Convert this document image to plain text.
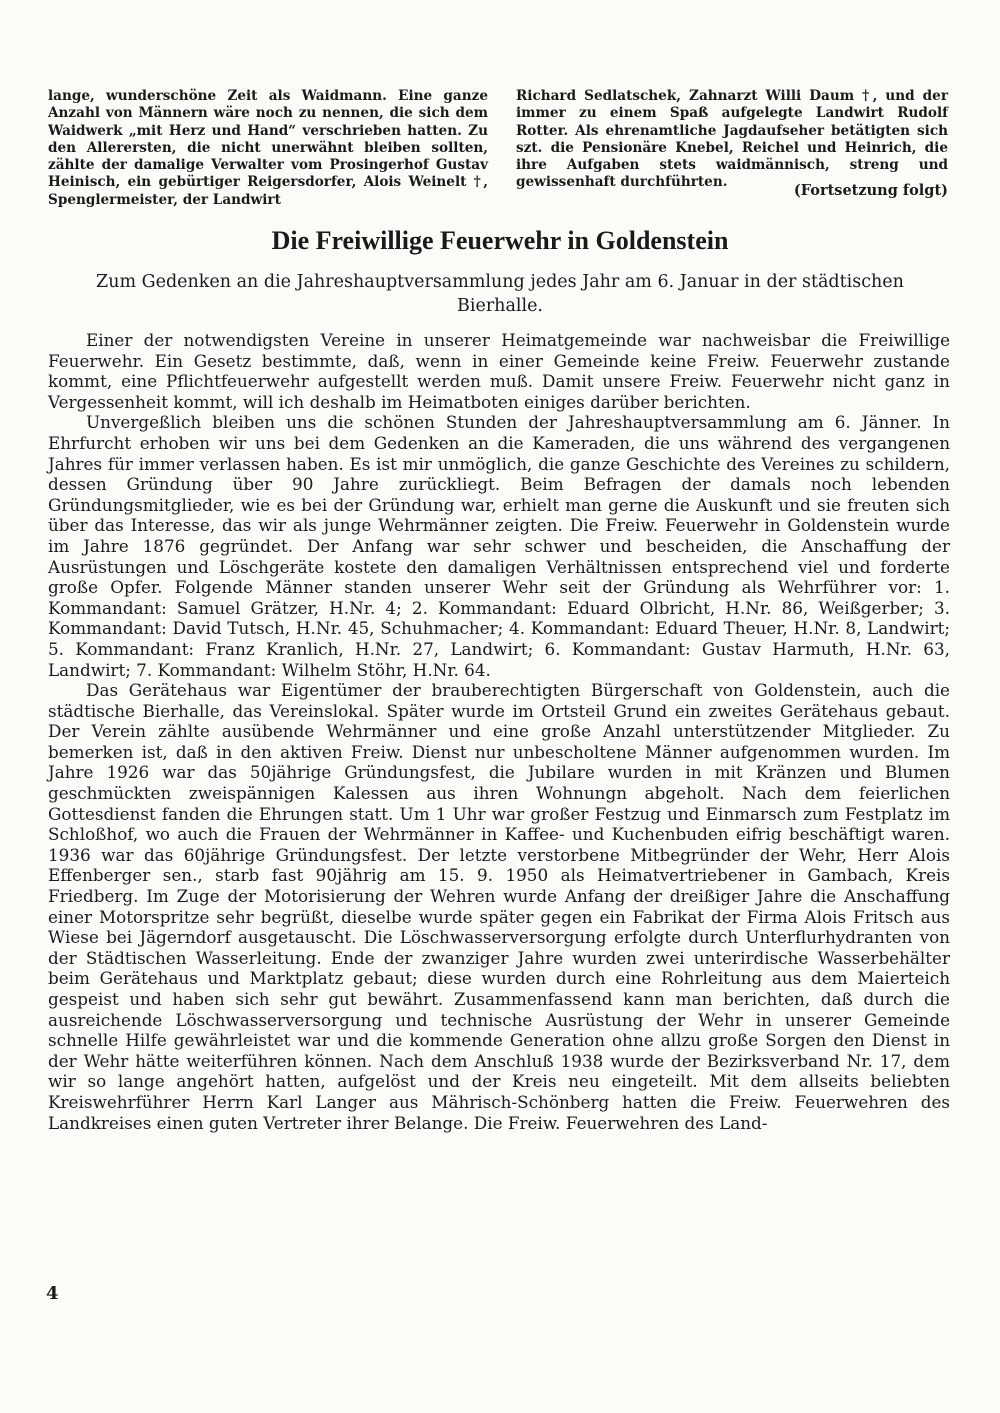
lange, wunderschöne Zeit als Waidmann. Eine ganze Anzahl von Männern wäre noch zu nennen, die sich dem Waidwerk „mit Herz und Hand“ verschrieben hatten. Zu den Allerersten, die nicht unerwähnt bleiben sollten, zählte der damalige Verwalter vom Prosingerhof Gustav Heinisch, ein gebürtiger Reigersdorfer, Alois Weinelt †, Spenglermeister, der Landwirt

Richard Sedlatschek, Zahnarzt Willi Daum †, und der immer zu einem Spaß aufgelegte Landwirt Rudolf Rotter. Als ehrenamtliche Jagdaufseher betätigten sich szt. die Pensionäre Knebel, Reichel und Heinrich, die ihre Aufgaben stets waidmännisch, streng und gewissenhaft durchführten.	(Fortsetzung folgt)

Die Freiwillige Feuerwehr in Goldenstein

Zum Gedenken an die Jahreshauptversammlung jedes Jahr am 6. Januar in der städtischen Bierhalle.

Einer der notwendigsten Vereine in unserer Heimatgemeinde war nachweisbar die Freiwillige Feuerwehr. Ein Gesetz bestimmte, daß, wenn in einer Gemeinde keine Freiw. Feuerwehr zustande kommt, eine Pflichtfeuerwehr aufgestellt werden muß. Damit unsere Freiw. Feuerwehr nicht ganz in Vergessenheit kommt, will ich deshalb im Heimatboten einiges darüber berichten.

Unvergeßlich bleiben uns die schönen Stunden der Jahreshauptversammlung am 6. Jänner. In Ehrfurcht erhoben wir uns bei dem Gedenken an die Kameraden, die uns während des vergangenen Jahres für immer verlassen haben. Es ist mir unmöglich, die ganze Geschichte des Vereines zu schildern, dessen Gründung über 90 Jahre zurückliegt. Beim Befragen der damals noch lebenden Gründungsmitglieder, wie es bei der Gründung war, erhielt man gerne die Auskunft und sie freuten sich über das Interesse, das wir als junge Wehrmänner zeigten. Die Freiw. Feuerwehr in Goldenstein wurde im Jahre 1876 gegründet. Der Anfang war sehr schwer und bescheiden, die Anschaffung der Ausrüstungen und Löschgeräte kostete den damaligen Verhältnissen entsprechend viel und forderte große Opfer. Folgende Männer standen unserer Wehr seit der Gründung als Wehrführer vor: 1. Kommandant: Samuel Grätzer, H.Nr. 4; 2. Kommandant: Eduard Olbricht, H.Nr. 86, Weißgerber; 3. Kommandant: David Tutsch, H.Nr. 45, Schuhmacher; 4. Kommandant: Eduard Theuer, H.Nr. 8, Landwirt; 5. Kommandant: Franz Kranlich, H.Nr. 27, Landwirt; 6. Kommandant: Gustav Harmuth, H.Nr. 63, Landwirt; 7. Kommandant: Wilhelm Stöhr, H.Nr. 64.

Das Gerätehaus war Eigentümer der brauberechtigten Bürgerschaft von Goldenstein, auch die städtische Bierhalle, das Vereinslokal. Später wurde im Ortsteil Grund ein zweites Gerätehaus gebaut. Der Verein zählte ausübende Wehrmänner und eine große Anzahl unterstützender Mitglieder. Zu bemerken ist, daß in den aktiven Freiw. Dienst nur unbescholtene Männer aufgenommen wurden. Im Jahre 1926 war das 50jährige Gründungsfest, die Jubilare wurden in mit Kränzen und Blumen geschmückten zweispännigen Kalessen aus ihren Wohnungn abgeholt. Nach dem feierlichen Gottesdienst fanden die Ehrungen statt. Um 1 Uhr war großer Festzug und Einmarsch zum Festplatz im Schloßhof, wo auch die Frauen der Wehrmänner in Kaffee- und Kuchenbuden eifrig beschäftigt waren. 1936 war das 60jährige Gründungsfest. Der letzte verstorbene Mitbegründer der Wehr, Herr Alois Effenberger sen., starb fast 90jährig am 15. 9. 1950 als Heimatvertriebener in Gambach, Kreis Friedberg. Im Zuge der Motorisierung der Wehren wurde Anfang der dreißiger Jahre die Anschaffung einer Motorspritze sehr begrüßt, dieselbe wurde später gegen ein Fabrikat der Firma Alois Fritsch aus Wiese bei Jägerndorf ausgetauscht. Die Löschwasserversorgung erfolgte durch Unterflurhydranten von der Städtischen Wasserleitung. Ende der zwanziger Jahre wurden zwei unterirdische Wasserbehälter beim Gerätehaus und Marktplatz gebaut; diese wurden durch eine Rohrleitung aus dem Maierteich gespeist und haben sich sehr gut bewährt. Zusammenfassend kann man berichten, daß durch die ausreichende Löschwasserversorgung und technische Ausrüstung der Wehr in unserer Gemeinde schnelle Hilfe gewährleistet war und die kommende Generation ohne allzu große Sorgen den Dienst in der Wehr hätte weiterführen können. Nach dem Anschluß 1938 wurde der Bezirksverband Nr. 17, dem wir so lange angehört hatten, aufgelöst und der Kreis neu eingeteilt. Mit dem allseits beliebten Kreiswehrführer Herrn Karl Langer aus Mährisch-Schönberg hatten die Freiw. Feuerwehren des Landkreises einen guten Vertreter ihrer Belange. Die Freiw. Feuerwehren des Land-

4
